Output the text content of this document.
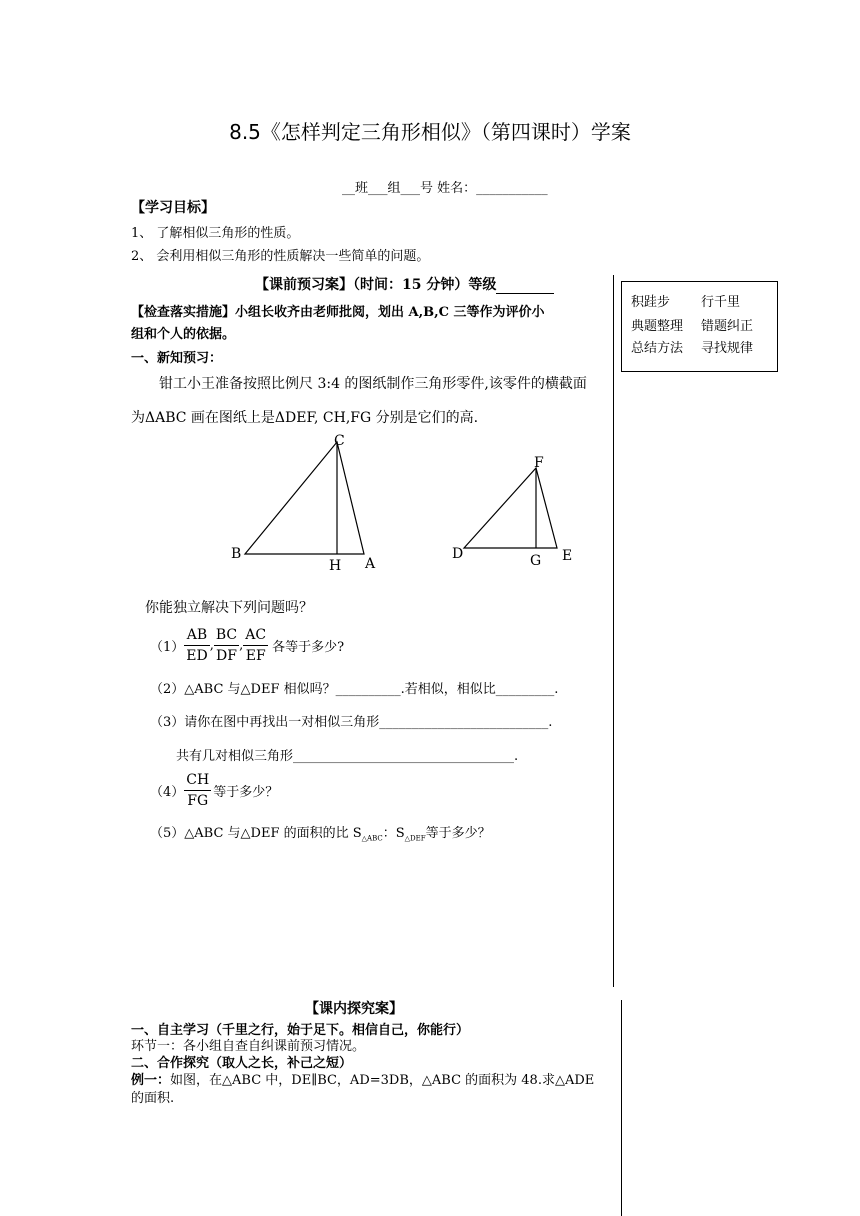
8.5《怎样判定三角形相似》（第四课时）学案
__班___组___号 姓名：___________
【学习目标】
1、 了解相似三角形的性质。
2、 会利用相似三角形的性质解决一些简单的问题。
【课前预习案】（时间：15 分钟）等级
【检查落实措施】小组长收齐由老师批阅，划出 A,B,C 三等作为评价小
组和个人的依据。
一、新知预习：
钳工小王准备按照比例尺 3:4 的图纸制作三角形零件,该零件的横截面
为ΔABC 画在图纸上是ΔDEF, CH,FG 分别是它们的高.
积跬步 行千里
典题整理 错题纠正
总结方法 寻找规律
C
B
H A
F
D	G E
你能独立解决下列问题吗？
$(1) \frac{AB}{ED}$ , $\frac{BC}{DF}$ , $\frac{AC}{EF}$ 各等于多少?
（2）△ABC 与△DEF 相似吗？__________.若相似，相似比_________.
（3）请你在图中再找出一对相似三角形__________________________.
共有几对相似三角形__________________________________.
$(4) \frac{CH}{FG}$ 等于多少？
（5）△ABC 与△DEF 的面积的比 $S_{\triangle ABC}$：$S_{\triangle DEF}$等于多少？
【课内探究案】
一、自主学习（千里之行，始于足下。相信自己，你能行）
环节一：各小组自查自纠课前预习情况。
二、合作探究（取人之长，补己之短）
例一：如图，在△ABC 中，DE∥BC，AD=3DB，△ABC 的面积为 48.求△ADE
的面积.
